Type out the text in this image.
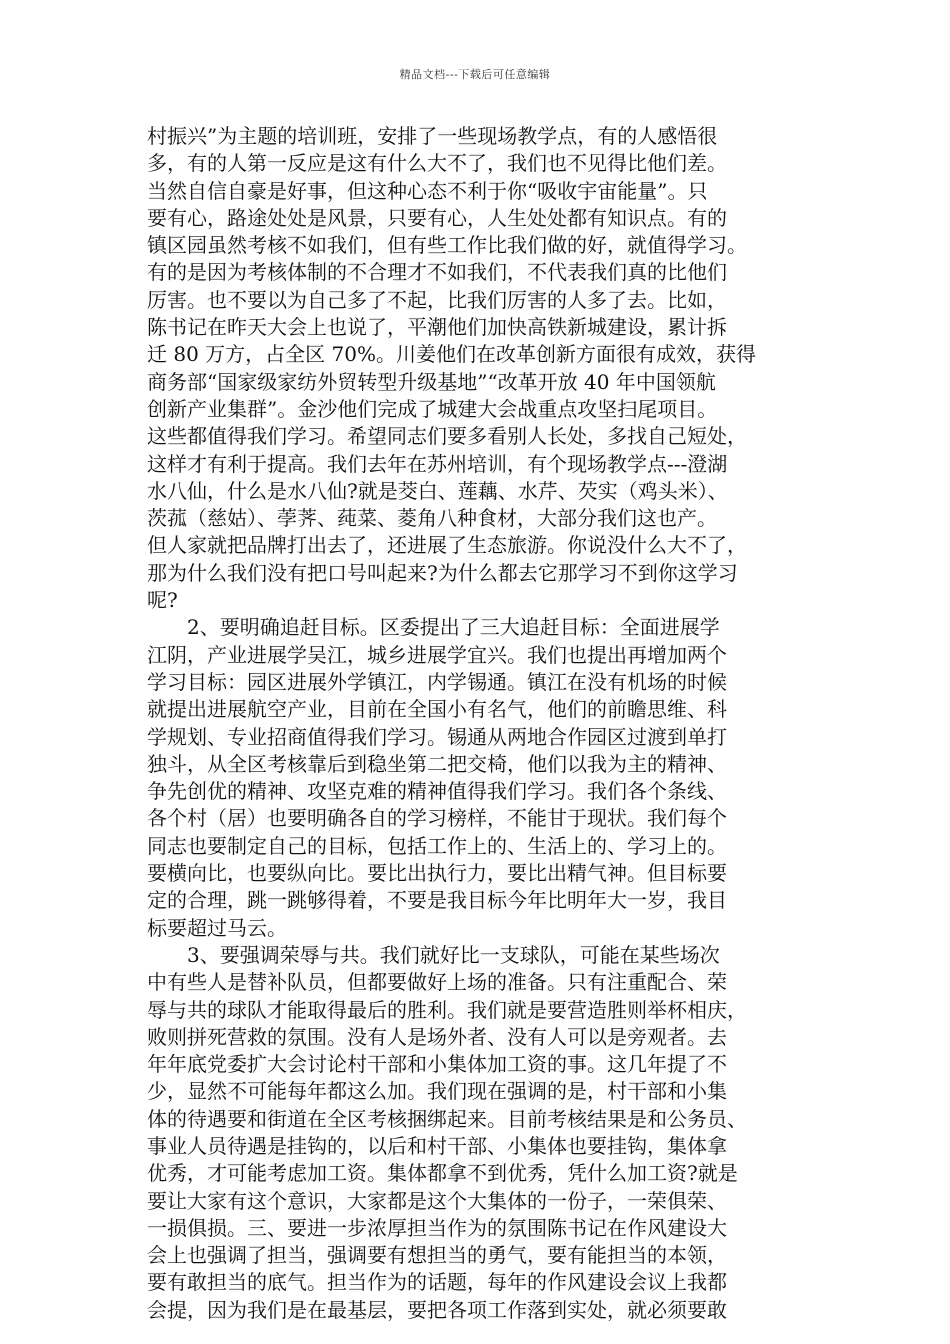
精品文档---下载后可任意编辑
村振兴”为主题的培训班，安排了一些现场教学点，有的人感悟很
多，有的人第一反应是这有什么大不了，我们也不见得比他们差。
当然自信自豪是好事，但这种心态不利于你“吸收宇宙能量”。只
要有心，路途处处是风景，只要有心，人生处处都有知识点。有的
镇区园虽然考核不如我们，但有些工作比我们做的好，就值得学习。
有的是因为考核体制的不合理才不如我们，不代表我们真的比他们
厉害。也不要以为自己多了不起，比我们厉害的人多了去。比如，
陈书记在昨天大会上也说了，平潮他们加快高铁新城建设，累计拆
迁 80 万方，占全区 70%。川姜他们在改革创新方面很有成效，获得
商务部“国家级家纺外贸转型升级基地”“改革开放 40 年中国领航
创新产业集群”。金沙他们完成了城建大会战重点攻坚扫尾项目。
这些都值得我们学习。希望同志们要多看别人长处，多找自己短处，
这样才有利于提高。我们去年在苏州培训，有个现场教学点---澄湖
水八仙，什么是水八仙?就是茭白、莲藕、水芹、芡实（鸡头米）、
茨菰（慈姑）、荸荠、莼菜、菱角八种食材，大部分我们这也产。
但人家就把品牌打出去了，还进展了生态旅游。你说没什么大不了，
那为什么我们没有把口号叫起来?为什么都去它那学习不到你这学习
呢?
　　2、要明确追赶目标。区委提出了三大追赶目标：全面进展学
江阴，产业进展学吴江，城乡进展学宜兴。我们也提出再增加两个
学习目标：园区进展外学镇江，内学锡通。镇江在没有机场的时候
就提出进展航空产业，目前在全国小有名气，他们的前瞻思维、科
学规划、专业招商值得我们学习。锡通从两地合作园区过渡到单打
独斗，从全区考核靠后到稳坐第二把交椅，他们以我为主的精神、
争先创优的精神、攻坚克难的精神值得我们学习。我们各个条线、
各个村（居）也要明确各自的学习榜样，不能甘于现状。我们每个
同志也要制定自己的目标，包括工作上的、生活上的、学习上的。
要横向比，也要纵向比。要比出执行力，要比出精气神。但目标要
定的合理，跳一跳够得着，不要是我目标今年比明年大一岁，我目
标要超过马云。
　　3、要强调荣辱与共。我们就好比一支球队，可能在某些场次
中有些人是替补队员，但都要做好上场的准备。只有注重配合、荣
辱与共的球队才能取得最后的胜利。我们就是要营造胜则举杯相庆，
败则拼死营救的氛围。没有人是场外者、没有人可以是旁观者。去
年年底党委扩大会讨论村干部和小集体加工资的事。这几年提了不
少，显然不可能每年都这么加。我们现在强调的是，村干部和小集
体的待遇要和街道在全区考核捆绑起来。目前考核结果是和公务员、
事业人员待遇是挂钩的，以后和村干部、小集体也要挂钩，集体拿
优秀，才可能考虑加工资。集体都拿不到优秀，凭什么加工资?就是
要让大家有这个意识，大家都是这个大集体的一份子，一荣俱荣、
一损俱损。三、要进一步浓厚担当作为的氛围陈书记在作风建设大
会上也强调了担当，强调要有想担当的勇气，要有能担当的本领，
要有敢担当的底气。担当作为的话题，每年的作风建设会议上我都
会提，因为我们是在最基层，要把各项工作落到实处，就必须要敢
